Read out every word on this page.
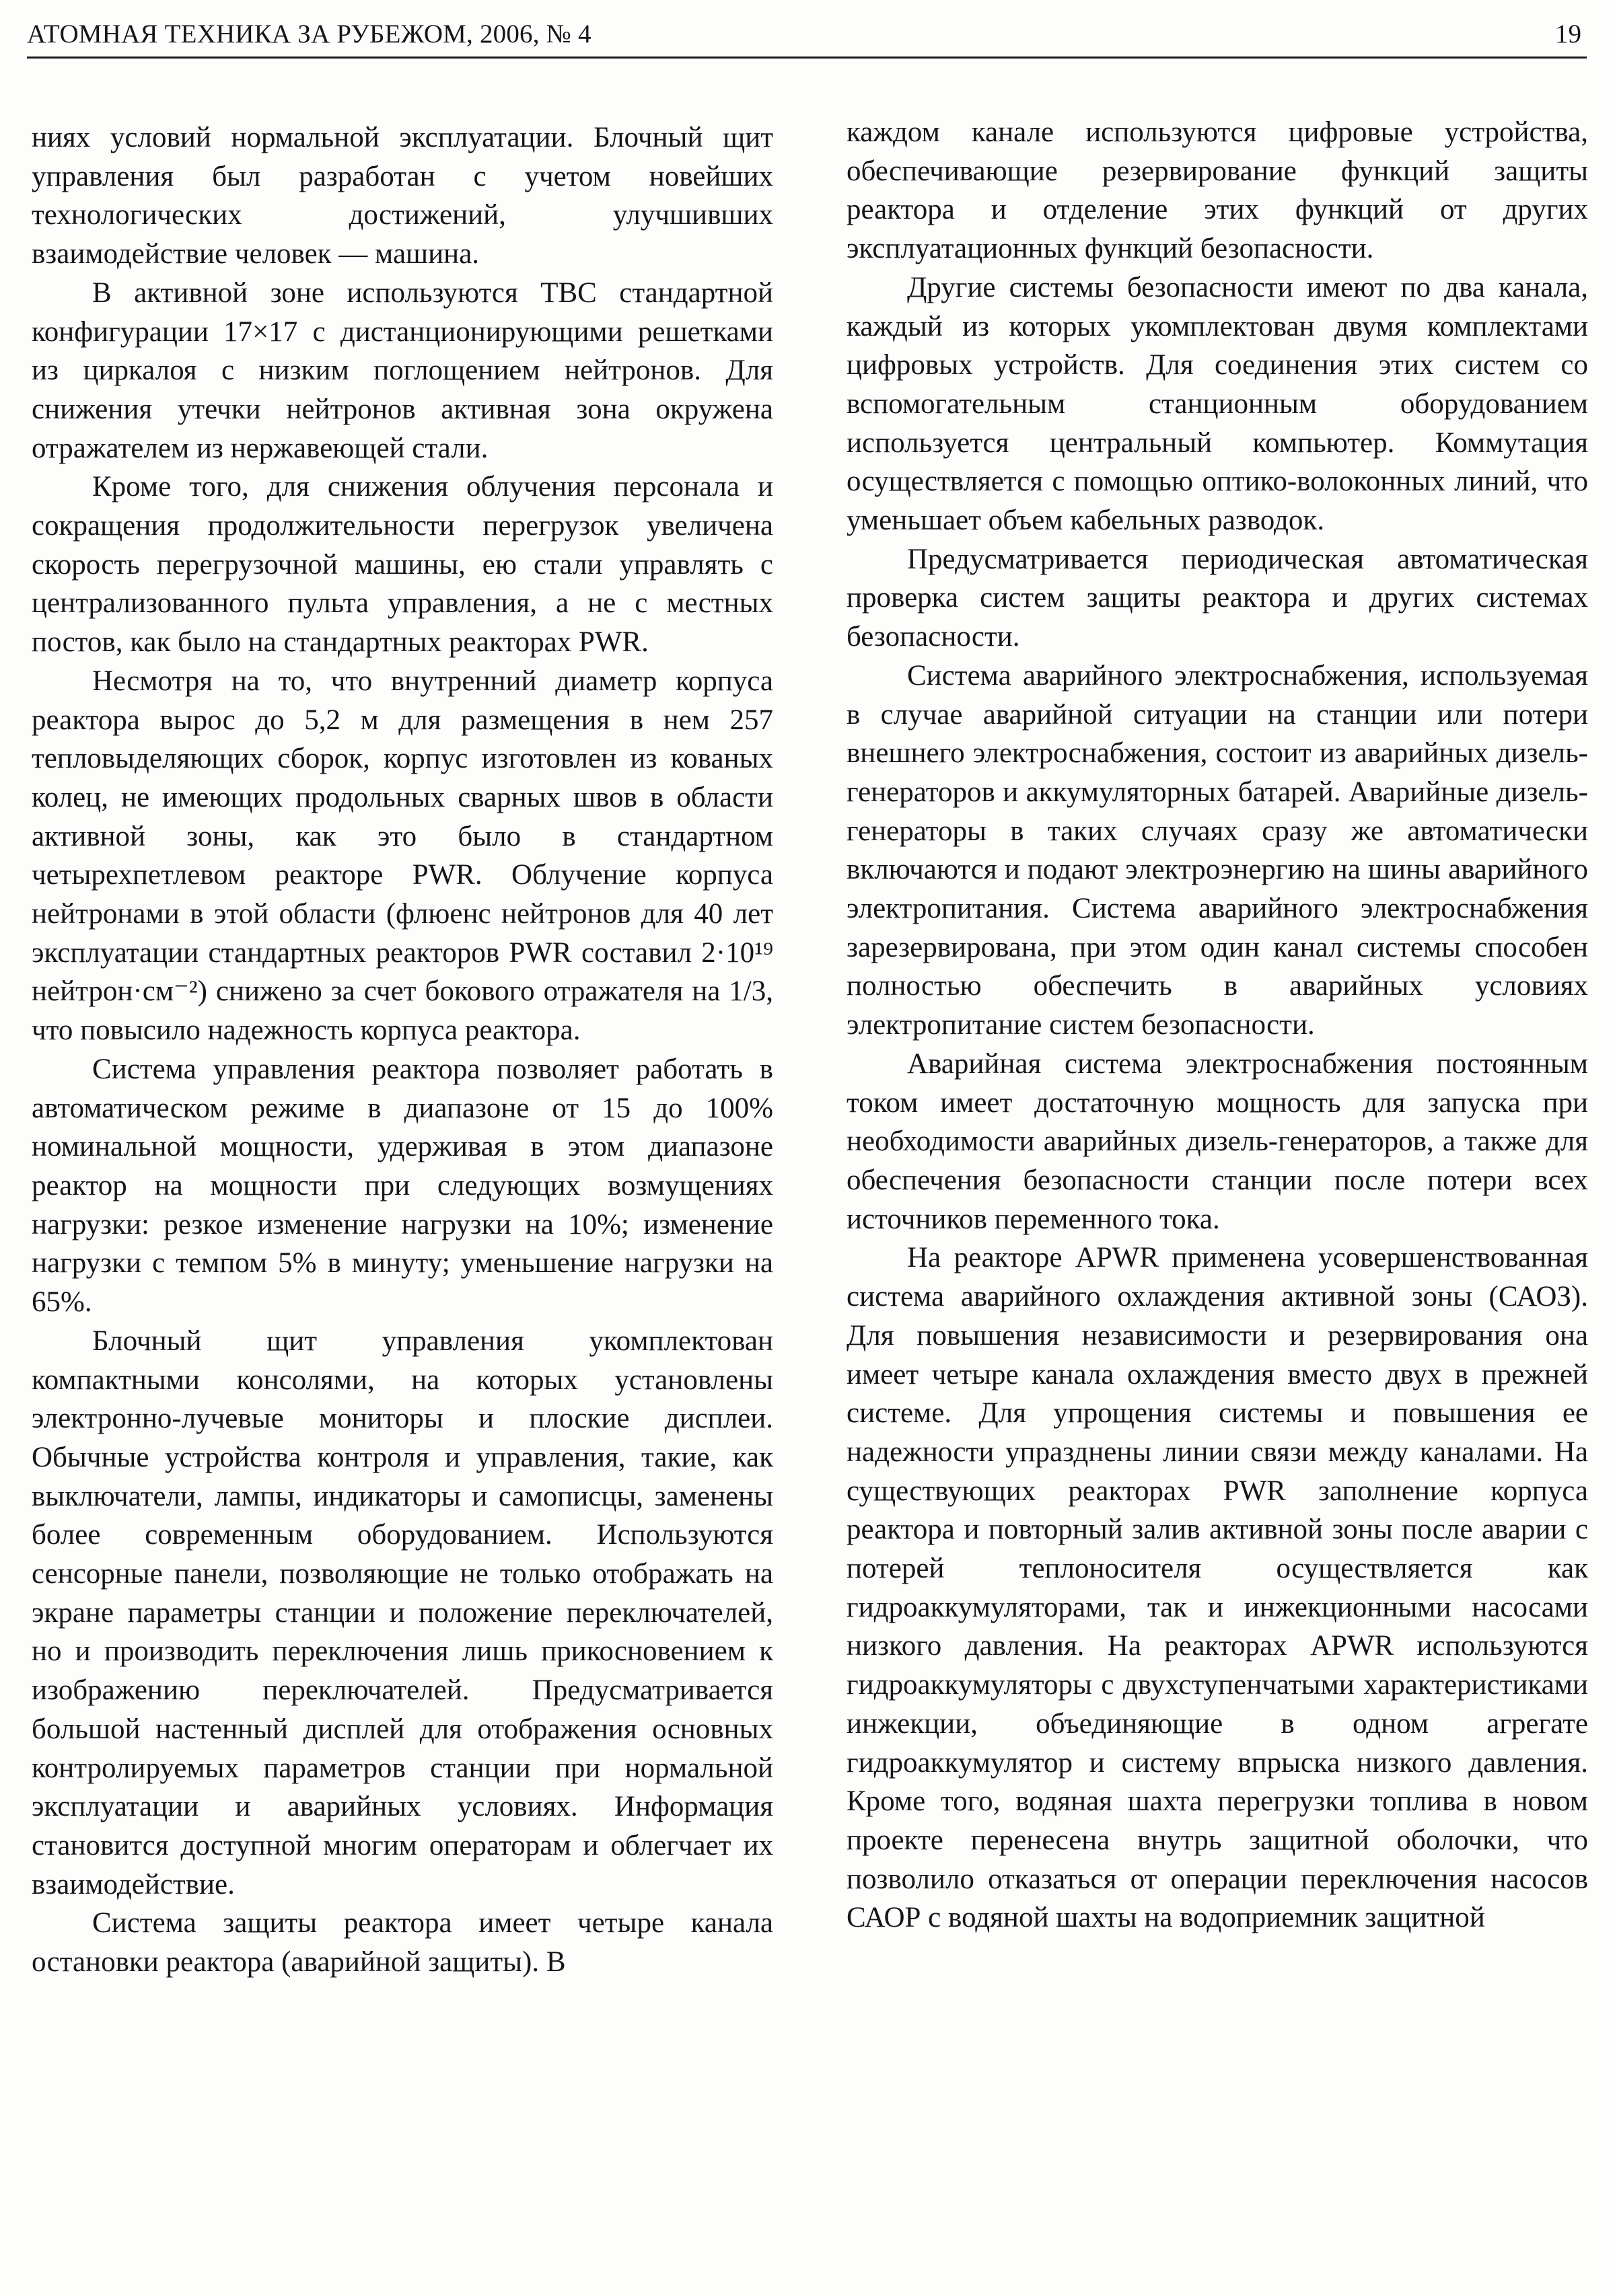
АТОМНАЯ ТЕХНИКА ЗА РУБЕЖОМ, 2006, № 4	19

ниях условий нормальной эксплуатации. Блочный щит управления был разработан с учетом новейших технологических достижений, улучшивших взаимодействие человек — машина.

В активной зоне используются ТВС стандартной конфигурации 17×17 с дистанционирующими решетками из циркалоя с низким поглощением нейтронов. Для снижения утечки нейтронов активная зона окружена отражателем из нержавеющей стали.

Кроме того, для снижения облучения персонала и сокращения продолжительности перегрузок увеличена скорость перегрузочной машины, ею стали управлять с централизованного пульта управления, а не с местных постов, как было на стандартных реакторах PWR.

Несмотря на то, что внутренний диаметр корпуса реактора вырос до 5,2 м для размещения в нем 257 тепловыделяющих сборок, корпус изготовлен из кованых колец, не имеющих продольных сварных швов в области активной зоны, как это было в стандартном четырехпетлевом реакторе PWR. Облучение корпуса нейтронами в этой области (флюенс нейтронов для 40 лет эксплуатации стандартных реакторов PWR составил 2·10¹⁹ нейтрон·см⁻²) снижено за счет бокового отражателя на 1/3, что повысило надежность корпуса реактора.

Система управления реактора позволяет работать в автоматическом режиме в диапазоне от 15 до 100% номинальной мощности, удерживая в этом диапазоне реактор на мощности при следующих возмущениях нагрузки: резкое изменение нагрузки на 10%; изменение нагрузки с темпом 5% в минуту; уменьшение нагрузки на 65%.

Блочный щит управления укомплектован компактными консолями, на которых установлены электронно-лучевые мониторы и плоские дисплеи. Обычные устройства контроля и управления, такие, как выключатели, лампы, индикаторы и самописцы, заменены более современным оборудованием. Используются сенсорные панели, позволяющие не только отображать на экране параметры станции и положение переключателей, но и производить переключения лишь прикосновением к изображению переключателей. Предусматривается большой настенный дисплей для отображения основных контролируемых параметров станции при нормальной эксплуатации и аварийных условиях. Информация становится доступной многим операторам и облегчает их взаимодействие.

Система защиты реактора имеет четыре канала остановки реактора (аварийной защиты). В

каждом канале используются цифровые устройства, обеспечивающие резервирование функций защиты реактора и отделение этих функций от других эксплуатационных функций безопасности.

Другие системы безопасности имеют по два канала, каждый из которых укомплектован двумя комплектами цифровых устройств. Для соединения этих систем со вспомогательным станционным оборудованием используется центральный компьютер. Коммутация осуществляется с помощью оптико-волоконных линий, что уменьшает объем кабельных разводок.

Предусматривается периодическая автоматическая проверка систем защиты реактора и других системах безопасности.

Система аварийного электроснабжения, используемая в случае аварийной ситуации на станции или потери внешнего электроснабжения, состоит из аварийных дизель-генераторов и аккумуляторных батарей. Аварийные дизель-генераторы в таких случаях сразу же автоматически включаются и подают электроэнергию на шины аварийного электропитания. Система аварийного электроснабжения зарезервирована, при этом один канал системы способен полностью обеспечить в аварийных условиях электропитание систем безопасности.

Аварийная система электроснабжения постоянным током имеет достаточную мощность для запуска при необходимости аварийных дизель-генераторов, а также для обеспечения безопасности станции после потери всех источников переменного тока.

На реакторе APWR применена усовершенствованная система аварийного охлаждения активной зоны (САОЗ). Для повышения независимости и резервирования она имеет четыре канала охлаждения вместо двух в прежней системе. Для упрощения системы и повышения ее надежности упразднены линии связи между каналами. На существующих реакторах PWR заполнение корпуса реактора и повторный залив активной зоны после аварии с потерей теплоносителя осуществляется как гидроаккумуляторами, так и инжекционными насосами низкого давления. На реакторах APWR используются гидроаккумуляторы с двухступенчатыми характеристиками инжекции, объединяющие в одном агрегате гидроаккумулятор и систему впрыска низкого давления. Кроме того, водяная шахта перегрузки топлива в новом проекте перенесена внутрь защитной оболочки, что позволило отказаться от операции переключения насосов САОР с водяной шахты на водоприемник защитной
